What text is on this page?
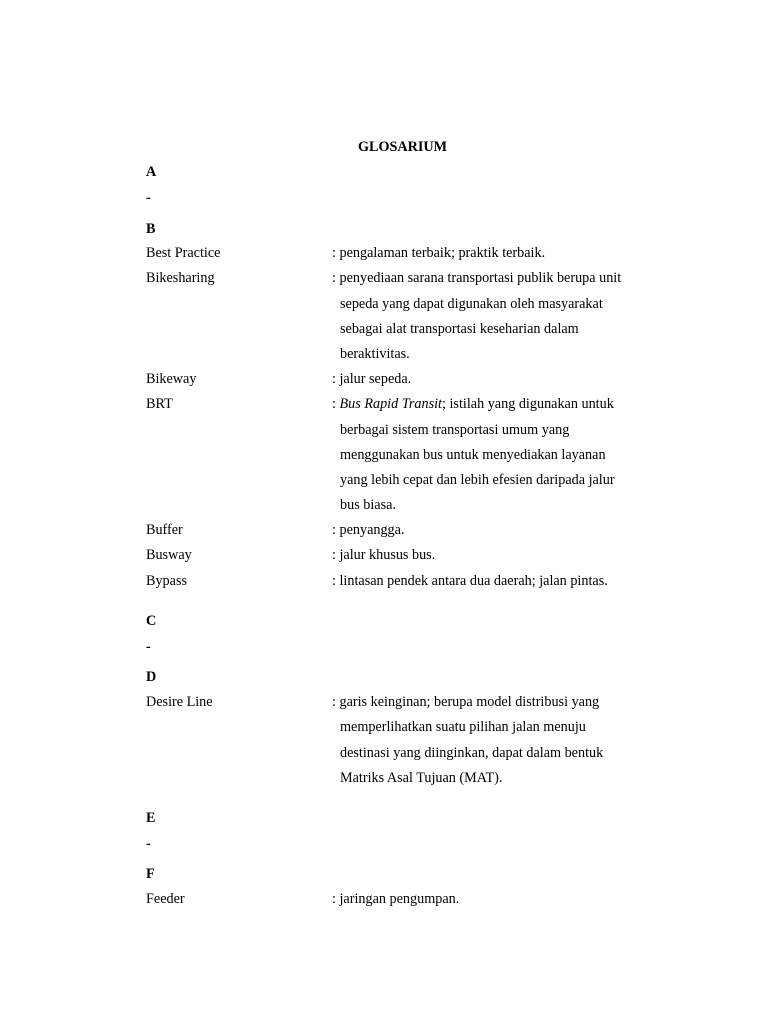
GLOSARIUM
A
-
B
Best Practice	: pengalaman terbaik; praktik terbaik.
Bikesharing	: penyediaan sarana transportasi publik berupa unit
sepeda yang dapat digunakan oleh masyarakat
sebagai alat transportasi keseharian dalam
beraktivitas.
Bikeway	: jalur sepeda.
BRT	: Bus Rapid Transit; istilah yang digunakan untuk
berbagai sistem transportasi umum yang
menggunakan bus untuk menyediakan layanan
yang lebih cepat dan lebih efesien daripada jalur
bus biasa.
Buffer	: penyangga.
Busway	: jalur khusus bus.
Bypass	: lintasan pendek antara dua daerah; jalan pintas.
C
-
D
Desire Line	: garis keinginan; berupa model distribusi yang
memperlihatkan suatu pilihan jalan menuju
destinasi yang diinginkan, dapat dalam bentuk
Matriks Asal Tujuan (MAT).
E
-
F
Feeder	: jaringan pengumpan.
